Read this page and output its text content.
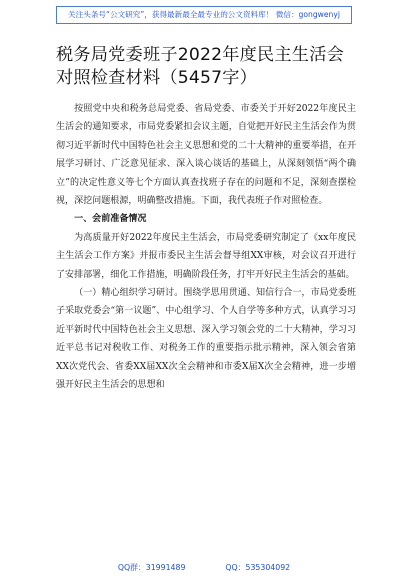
关注头条号“公文研究”，获得最新最全最专业的公文资料库！ 微信：gongwenyj
税务局党委班子2022年度民主生活会对照检查材料（5457字）

按照党中央和税务总局党委、省局党委、市委关于开好2022年度民主生活会的通知要求，市局党委紧扣会议主题，自觉把开好民主生活会作为贯彻习近平新时代中国特色社会主义思想和党的二十大精神的重要举措，在开展学习研讨、广泛意见征求、深入谈心谈话的基础上，从深刻领悟“两个确立”的决定性意义等七个方面认真查找班子存在的问题和不足，深刻查摆检视，深挖问题根源，明确整改措施。下面，我代表班子作对照检查。

一、会前准备情况

为高质量开好2022年度民主生活会，市局党委研究制定了《xx年度民主生活会工作方案》并报市委民主生活会督导组XX审核，对会议召开进行了安排部署，细化工作措施，明确阶段任务，打牢开好民主生活会的基础。

（一）精心组织学习研讨。围绕学思用贯通、知信行合一，市局党委班子采取党委会“第一议题”、中心组学习、个人自学等多种方式，认真学习习近平新时代中国特色社会主义思想、深入学习领会党的二十大精神，学习习近平总书记对税收工作、对税务工作的重要指示批示精神，深入领会省第XX次党代会、省委XX届XX次全会精神和市委X届X次全会精神，进一步增强开好民主生活会的思想和

QQ群：31991489	QQ：535304092
